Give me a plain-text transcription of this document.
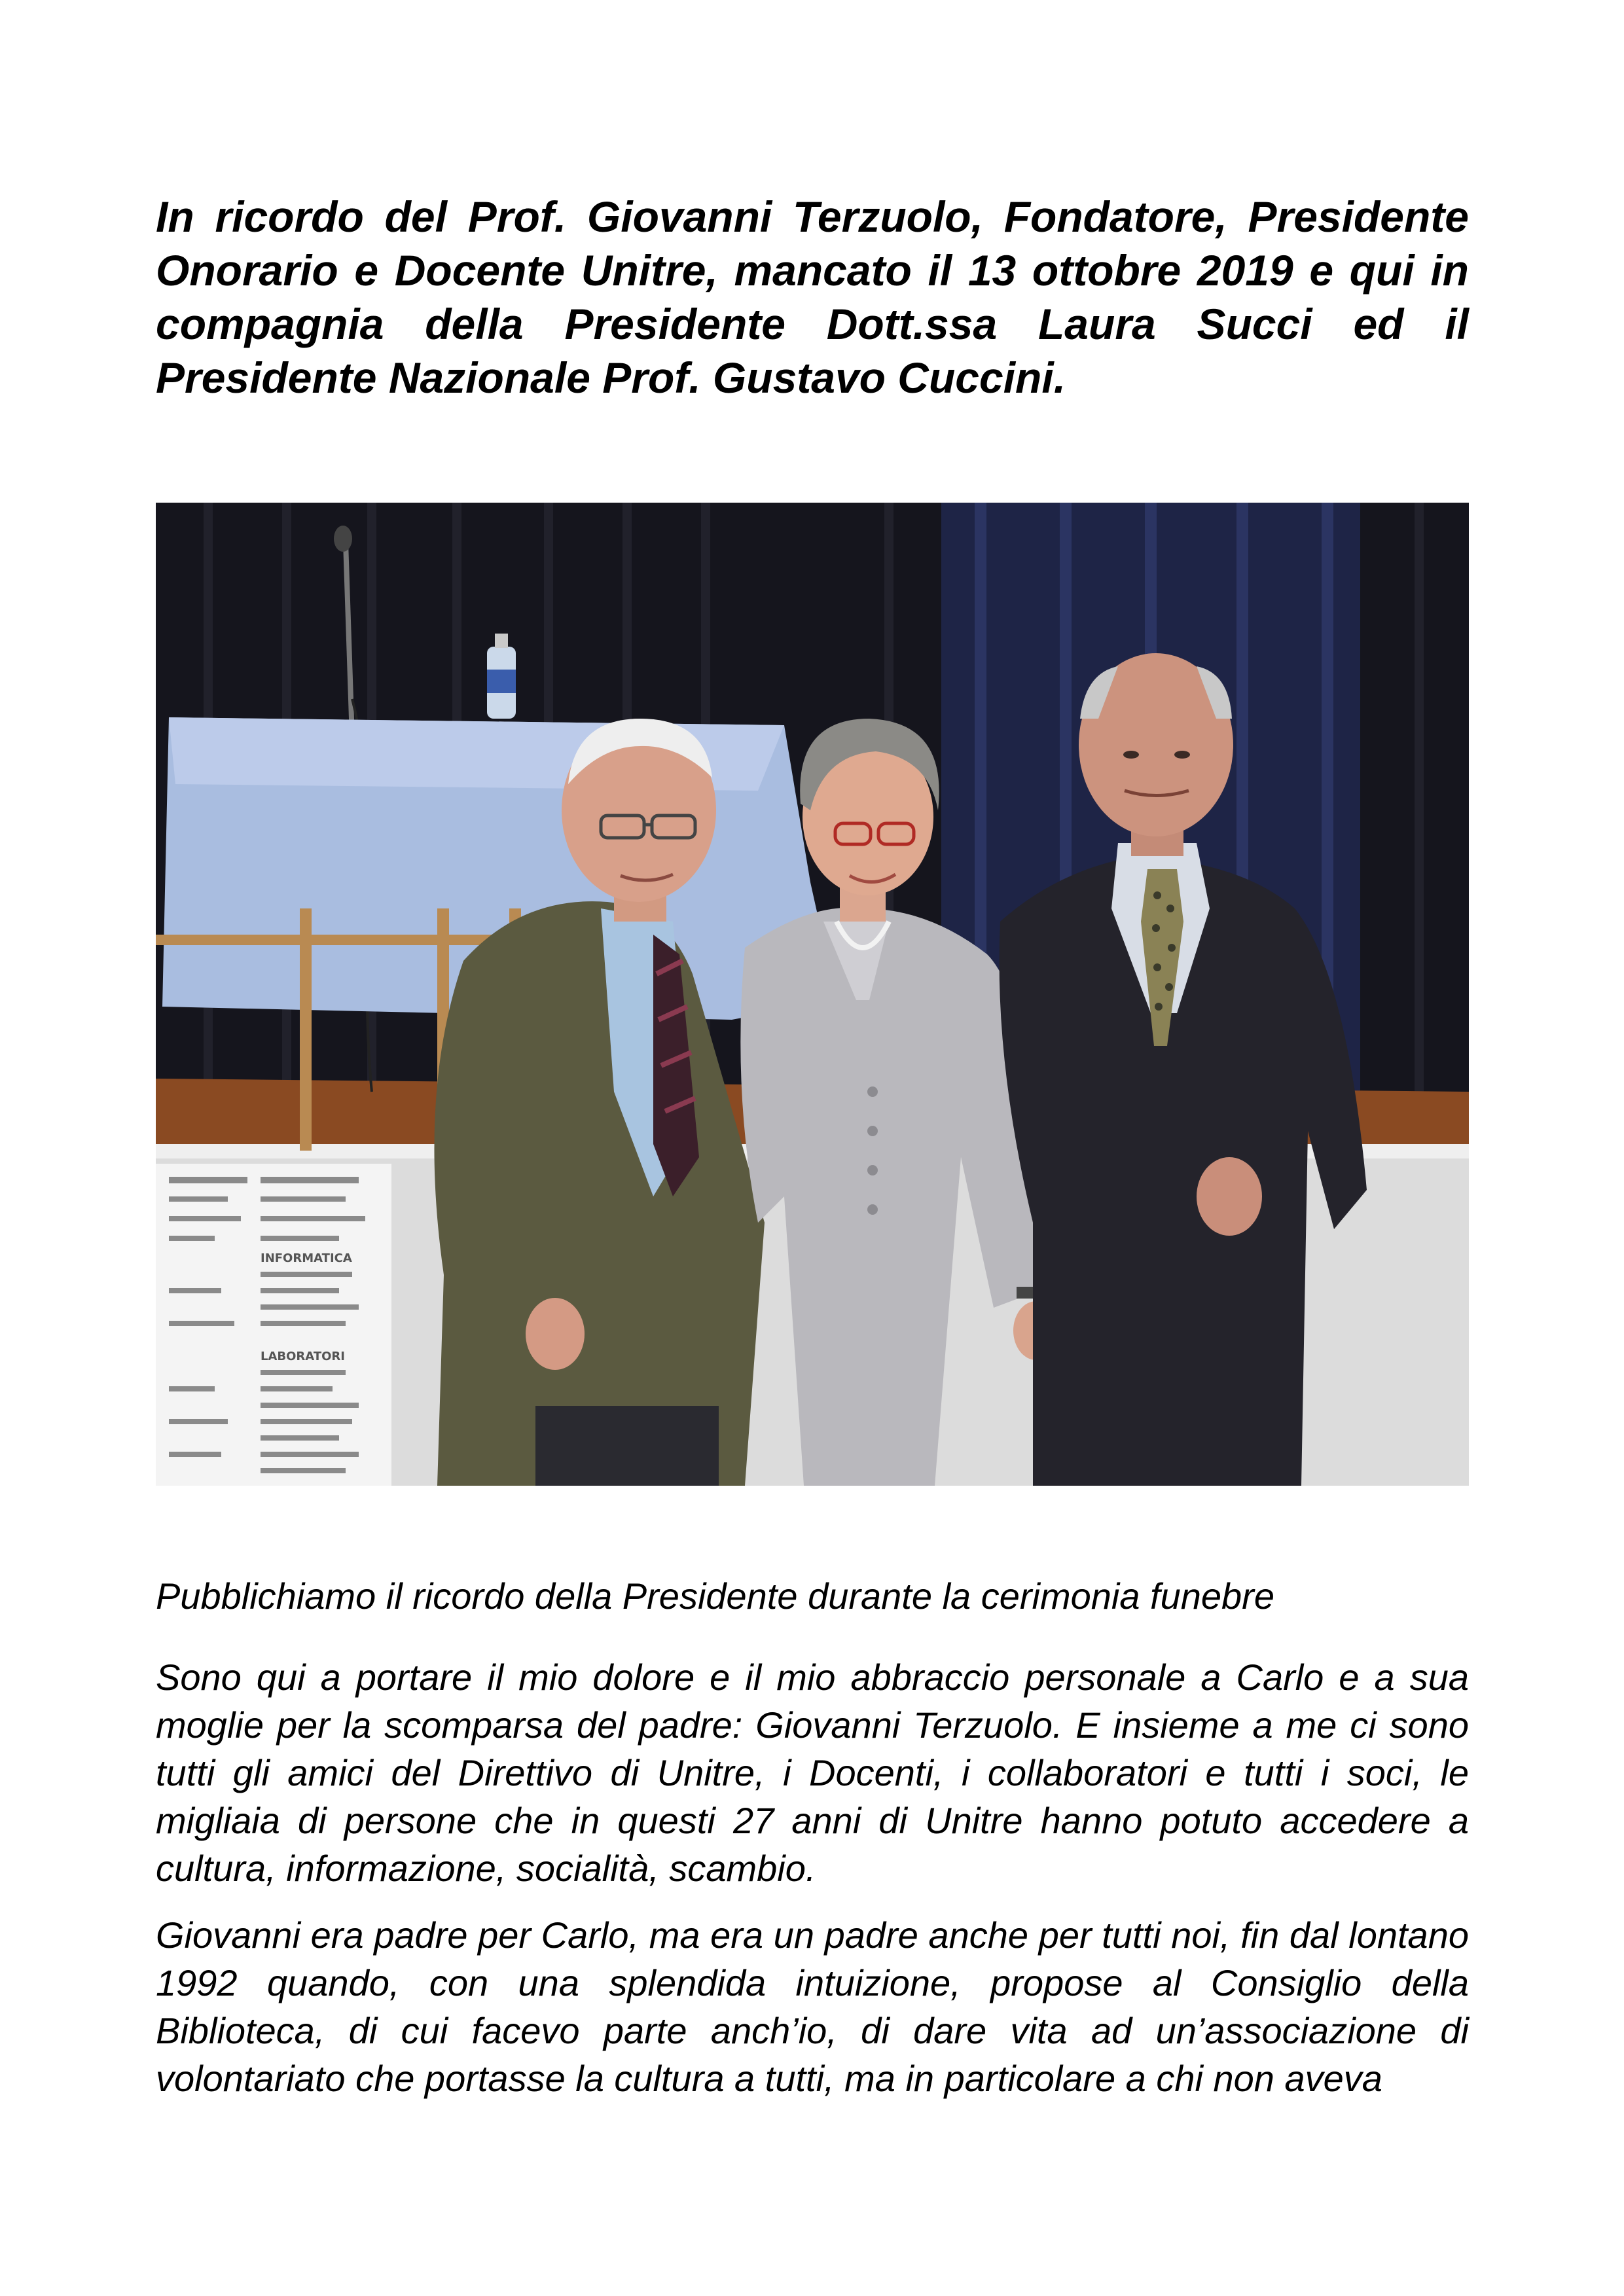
In ricordo del Prof. Giovanni Terzuolo, Fondatore, Presidente Onorario e Docente Unitre, mancato il 13 ottobre 2019 e qui in compagnia della Presidente Dott.ssa Laura Succi ed il Presidente Nazionale Prof. Gustavo Cuccini.

INFORMATICA
LABORATORI

Pubblichiamo il ricordo della Presidente durante la cerimonia funebre

Sono qui a portare il mio dolore e il mio abbraccio personale a Carlo e a sua moglie per la scomparsa del padre: Giovanni Terzuolo. E insieme a me ci sono tutti gli amici del Direttivo di Unitre, i Docenti, i collaboratori e tutti i soci, le migliaia di persone che in questi 27 anni di Unitre hanno potuto accedere a cultura, informazione, socialità, scambio.

Giovanni era padre per Carlo, ma era un padre anche per tutti noi, fin dal lontano 1992 quando, con una splendida intuizione, propose al Consiglio della Biblioteca, di cui facevo parte anch’io, di dare vita ad un’associazione di volontariato che portasse la cultura a tutti, ma in particolare a chi non aveva
